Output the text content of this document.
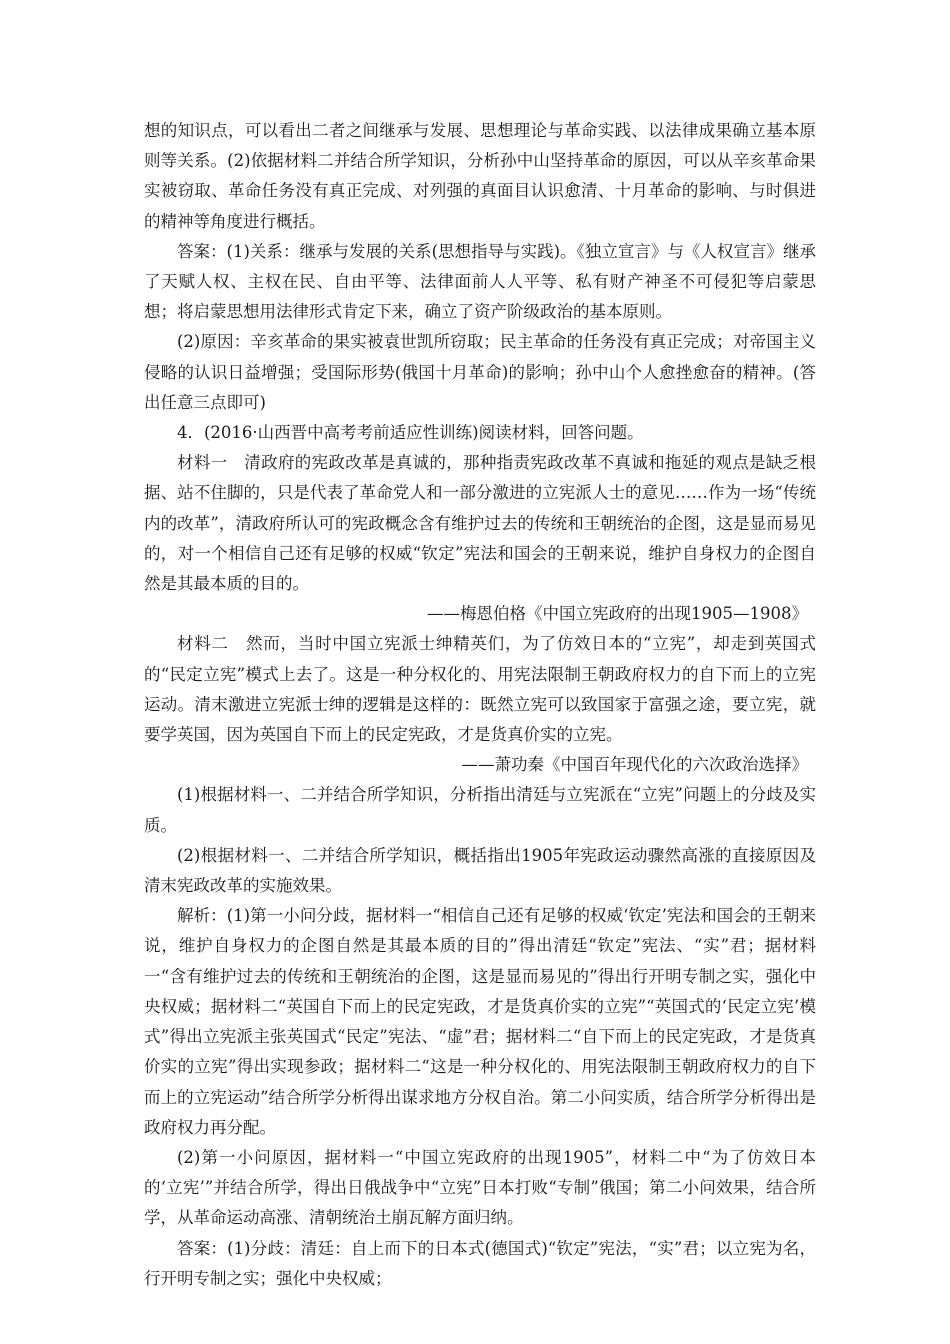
想的知识点，可以看出二者之间继承与发展、思想理论与革命实践、以法律成果确立基本原则等关系。(2)依据材料二并结合所学知识，分析孙中山坚持革命的原因，可以从辛亥革命果实被窃取、革命任务没有真正完成、对列强的真面目认识愈清、十月革命的影响、与时俱进的精神等角度进行概括。

答案：(1)关系：继承与发展的关系(思想指导与实践)。《独立宣言》与《人权宣言》继承了天赋人权、主权在民、自由平等、法律面前人人平等、私有财产神圣不可侵犯等启蒙思想；将启蒙思想用法律形式肯定下来，确立了资产阶级政治的基本原则。

(2)原因：辛亥革命的果实被袁世凯所窃取；民主革命的任务没有真正完成；对帝国主义侵略的认识日益增强；受国际形势(俄国十月革命)的影响；孙中山个人愈挫愈奋的精神。(答出任意三点即可)

4．(2016·山西晋中高考考前适应性训练)阅读材料，回答问题。

材料一　清政府的宪政改革是真诚的，那种指责宪政改革不真诚和拖延的观点是缺乏根据、站不住脚的，只是代表了革命党人和一部分激进的立宪派人士的意见……作为一场“传统内的改革”，清政府所认可的宪政概念含有维护过去的传统和王朝统治的企图，这是显而易见的，对一个相信自己还有足够的权威“钦定”宪法和国会的王朝来说，维护自身权力的企图自然是其最本质的目的。

——梅恩伯格《中国立宪政府的出现1905—1908》

材料二　然而，当时中国立宪派士绅精英们，为了仿效日本的“立宪”，却走到英国式的“民定立宪”模式上去了。这是一种分权化的、用宪法限制王朝政府权力的自下而上的立宪运动。清末激进立宪派士绅的逻辑是这样的：既然立宪可以致国家于富强之途，要立宪，就要学英国，因为英国自下而上的民定宪政，才是货真价实的立宪。

——萧功秦《中国百年现代化的六次政治选择》

(1)根据材料一、二并结合所学知识，分析指出清廷与立宪派在“立宪”问题上的分歧及实质。

(2)根据材料一、二并结合所学知识，概括指出1905年宪政运动骤然高涨的直接原因及清末宪政改革的实施效果。

解析：(1)第一小问分歧，据材料一“相信自己还有足够的权威‘钦定’宪法和国会的王朝来说，维护自身权力的企图自然是其最本质的目的”得出清廷“钦定”宪法、“实”君；据材料一“含有维护过去的传统和王朝统治的企图，这是显而易见的”得出行开明专制之实，强化中央权威；据材料二“英国自下而上的民定宪政，才是货真价实的立宪”“英国式的‘民定立宪’模式”得出立宪派主张英国式“民定”宪法、“虚”君；据材料二“自下而上的民定宪政，才是货真价实的立宪”得出实现参政；据材料二“这是一种分权化的、用宪法限制王朝政府权力的自下而上的立宪运动”结合所学分析得出谋求地方分权自治。第二小问实质，结合所学分析得出是政府权力再分配。

(2)第一小问原因，据材料一“中国立宪政府的出现1905”，材料二中“为了仿效日本的‘立宪’”并结合所学，得出日俄战争中“立宪”日本打败“专制”俄国；第二小问效果，结合所学，从革命运动高涨、清朝统治土崩瓦解方面归纳。

答案：(1)分歧：清廷：自上而下的日本式(德国式)“钦定”宪法，“实”君；以立宪为名，行开明专制之实；强化中央权威；
